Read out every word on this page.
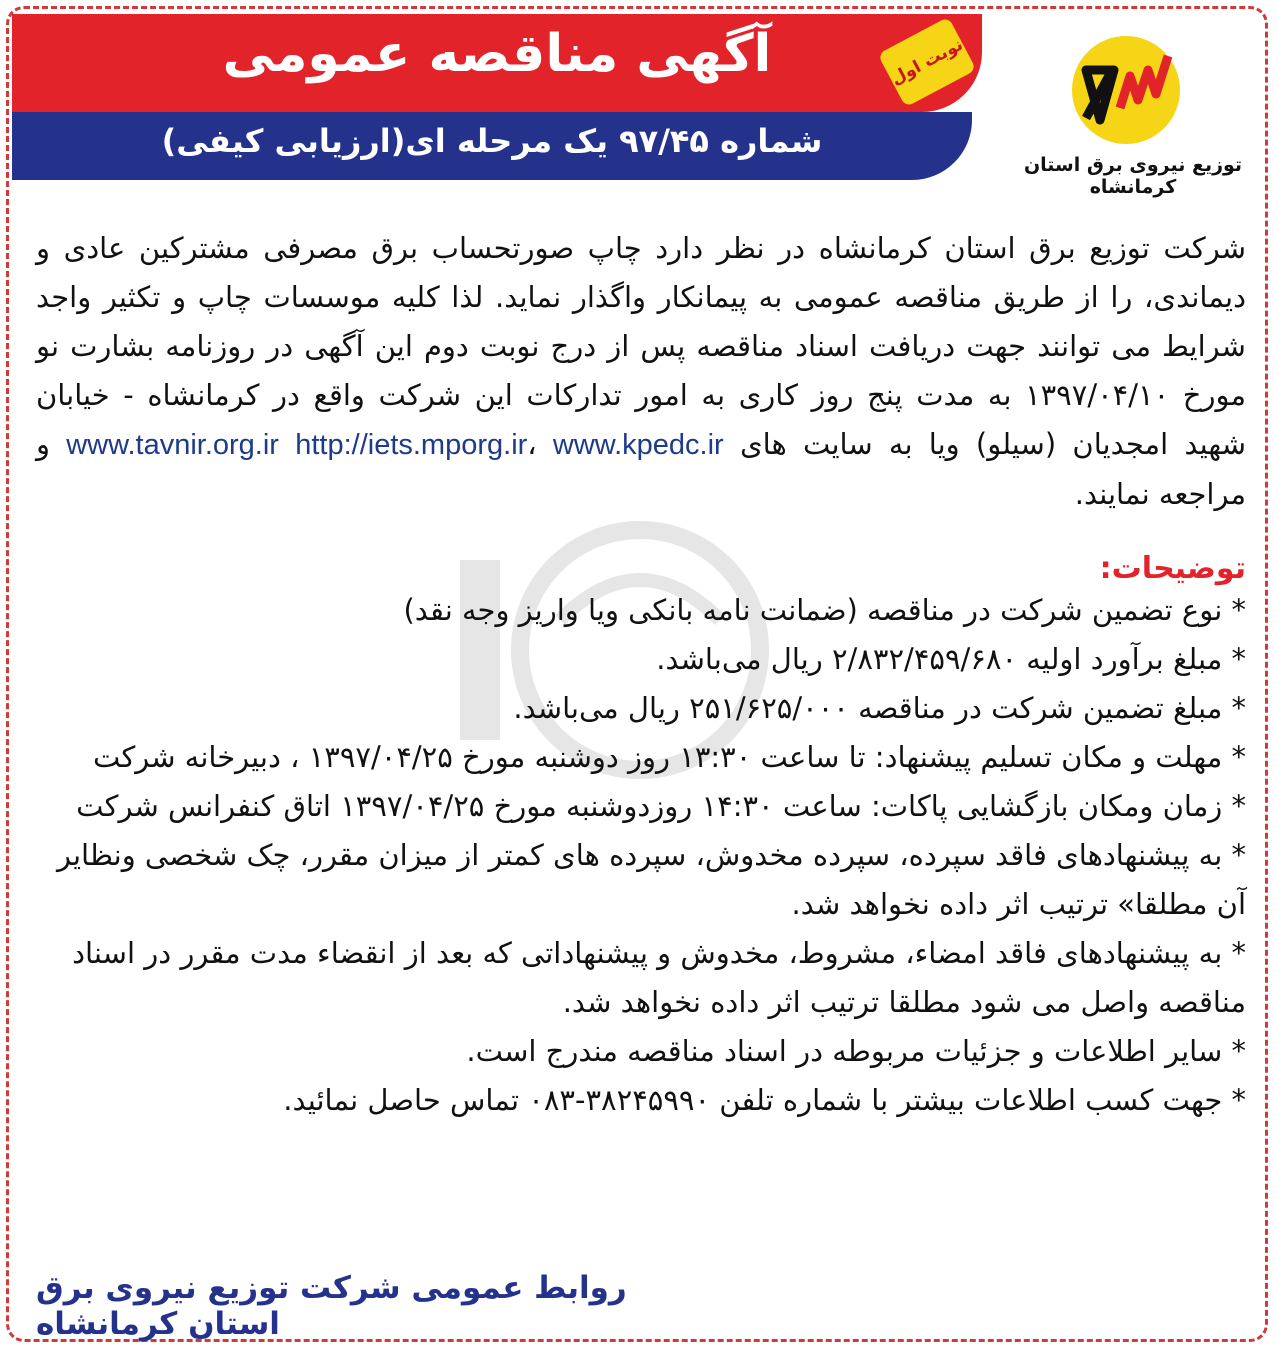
آگهی مناقصه عمومی
شماره ۹۷/۴۵ یک مرحله ای(ارزیابی کیفی)
نوبت اول
توزیع نیروی برق استان کرمانشاه

شرکت توزیع برق استان کرمانشاه در نظر دارد چاپ صورتحساب برق مصرفی مشترکین عادی و دیماندی، را از طریق مناقصه عمومی به پیمانکار واگذار نماید. لذا کلیه موسسات چاپ و تکثیر واجد شرایط می توانند جهت دریافت اسناد مناقصه پس از درج نوبت دوم این آگهی در روزنامه بشارت نو مورخ ۱۳۹۷/۰۴/۱۰ به مدت پنج روز کاری به امور تدارکات این شرکت واقع در کرمانشاه - خیابان شهید امجدیان (سیلو) ویا به سایت های www.tavnir.org.ir http://iets.mporg.ir، www.kpedc.ir و مراجعه نمایند.

توضیحات:

* نوع تضمین شرکت در مناقصه (ضمانت نامه بانکی ویا واریز وجه نقد)

* مبلغ برآورد اولیه ۲/۸۳۲/۴۵۹/۶۸۰ ریال می‌باشد.

* مبلغ تضمین شرکت در مناقصه ۲۵۱/۶۲۵/۰۰۰ ریال می‌باشد.

* مهلت و مکان تسلیم پیشنهاد: تا ساعت ۱۳:۳۰ روز دوشنبه مورخ ۱۳۹۷/۰۴/۲۵ ، دبیرخانه شرکت

* زمان ومکان بازگشایی پاکات: ساعت ۱۴:۳۰ روزدوشنبه مورخ ۱۳۹۷/۰۴/۲۵ اتاق کنفرانس شرکت

* به پیشنهادهای فاقد سپرده، سپرده مخدوش، سپرده های کمتر از میزان مقرر، چک شخصی ونظایر آن مطلقا» ترتیب اثر داده نخواهد شد.

* به پیشنهادهای فاقد امضاء، مشروط، مخدوش و پیشنهاداتی که بعد از انقضاء مدت مقرر در اسناد مناقصه واصل می شود مطلقا ترتیب اثر داده نخواهد شد.

* سایر اطلاعات و جزئیات مربوطه در اسناد مناقصه مندرج است.

* جهت کسب اطلاعات بیشتر با شماره تلفن ۳۸۲۴۵۹۹۰-۰۸۳ تماس حاصل نمائید.

روابط عمومی شرکت توزیع نیروی برق استان کرمانشاه
